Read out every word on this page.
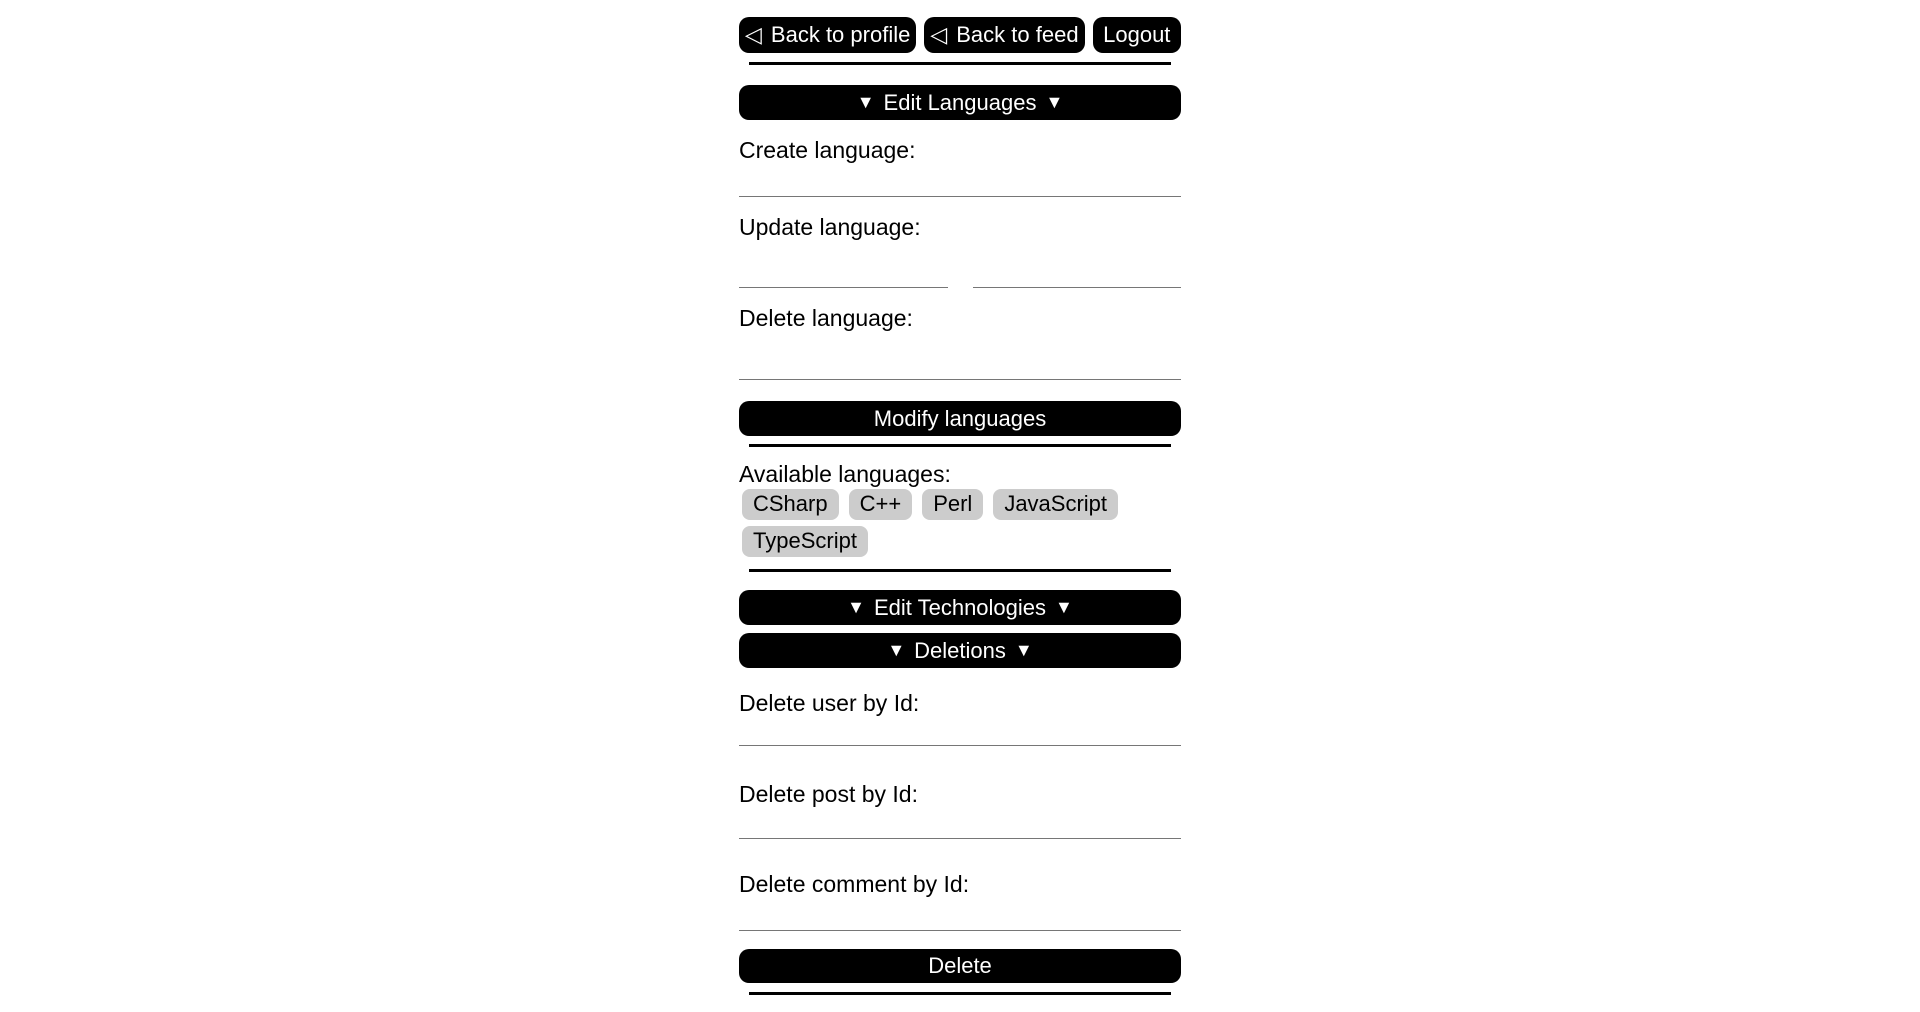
◁ Back to profile ◁ Back to feed Logout
▼ Edit Languages ▼
Create language:
Update language:
Delete language:
Modify languages
Available languages:
CSharp	C++	Perl	JavaScript
TypeScript
▼ Edit Technologies ▼
▼ Deletions ▼
Delete user by Id:
Delete post by Id:
Delete comment by Id:
Delete
